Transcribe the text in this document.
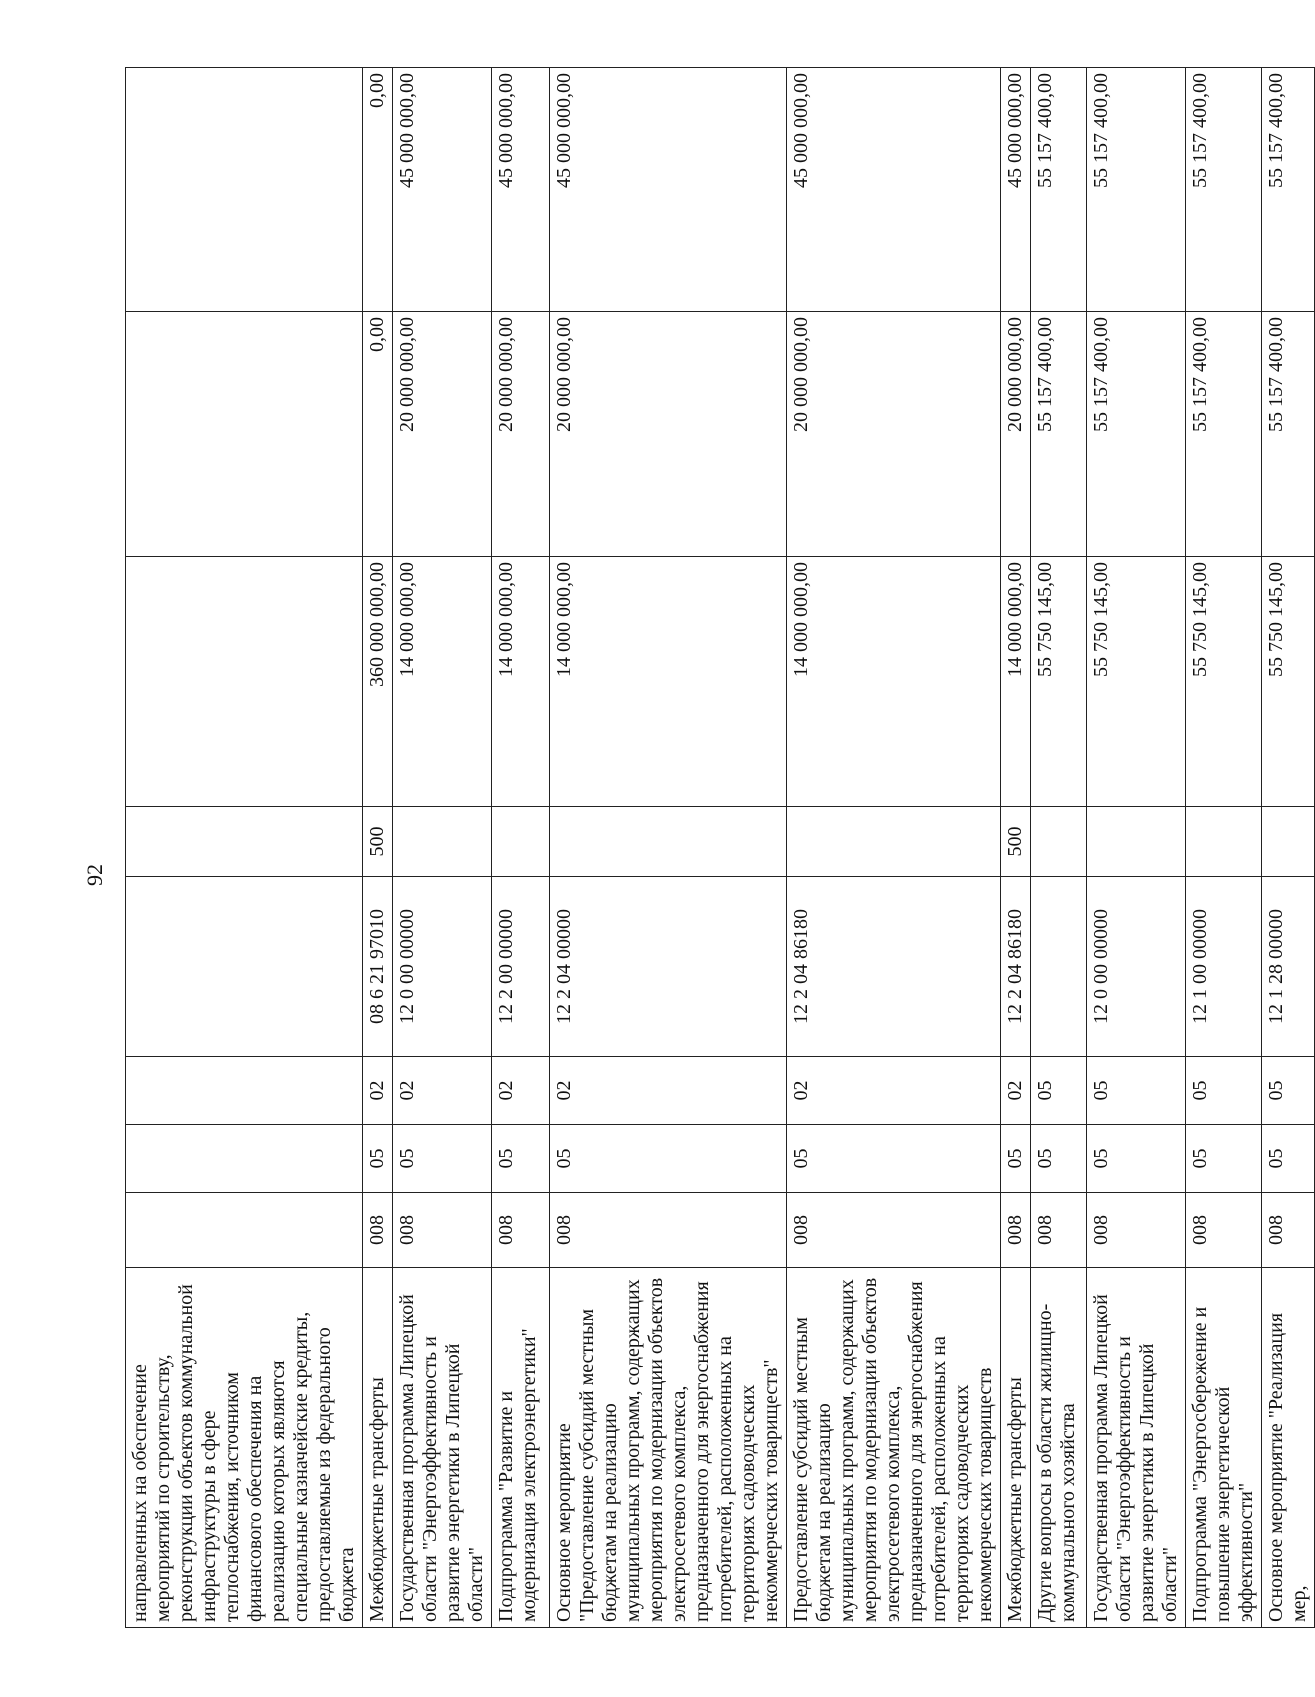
92
направленных на обеспечение мероприятий по строительству, реконструкции объектов коммунальной инфраструктуры в сфере теплоснабжения, источником финансового обеспечения на реализацию которых являются специальные казначейские кредиты, предоставляемые из федерального бюджета								
Межбюджетные трансферты	008	05	02	08 6 21 97010	500	360 000 000,00	0,00	0,00
Государственная программа Липецкой области "Энергоэффективность и развитие энергетики в Липецкой области"	008	05	02	12 0 00 00000		14 000 000,00	20 000 000,00	45 000 000,00
Подпрограмма "Развитие и модернизация электроэнергетики"	008	05	02	12 2 00 00000		14 000 000,00	20 000 000,00	45 000 000,00
Основное мероприятие "Предоставление субсидий местным бюджетам на реализацию муниципальных программ, содержащих мероприятия по модернизации объектов электросетевого комплекса, предназначенного для энергоснабжения потребителей, расположенных на территориях садоводческих некоммерческих товариществ"	008	05	02	12 2 04 00000		14 000 000,00	20 000 000,00	45 000 000,00
Предоставление субсидий местным бюджетам на реализацию муниципальных программ, содержащих мероприятия по модернизации объектов электросетевого комплекса, предназначенного для энергоснабжения потребителей, расположенных на территориях садоводческих некоммерческих товариществ	008	05	02	12 2 04 86180		14 000 000,00	20 000 000,00	45 000 000,00
Межбюджетные трансферты	008	05	02	12 2 04 86180	500	14 000 000,00	20 000 000,00	45 000 000,00
Другие вопросы в области жилищно-коммунального хозяйства	008	05	05			55 750 145,00	55 157 400,00	55 157 400,00
Государственная программа Липецкой области "Энергоэффективность и развитие энергетики в Липецкой области"	008	05	05	12 0 00 00000		55 750 145,00	55 157 400,00	55 157 400,00
Подпрограмма "Энергосбережение и повышение энергетической эффективности"	008	05	05	12 1 00 00000		55 750 145,00	55 157 400,00	55 157 400,00
Основное мероприятие "Реализация мер,	008	05	05	12 1 28 00000		55 750 145,00	55 157 400,00	55 157 400,00
